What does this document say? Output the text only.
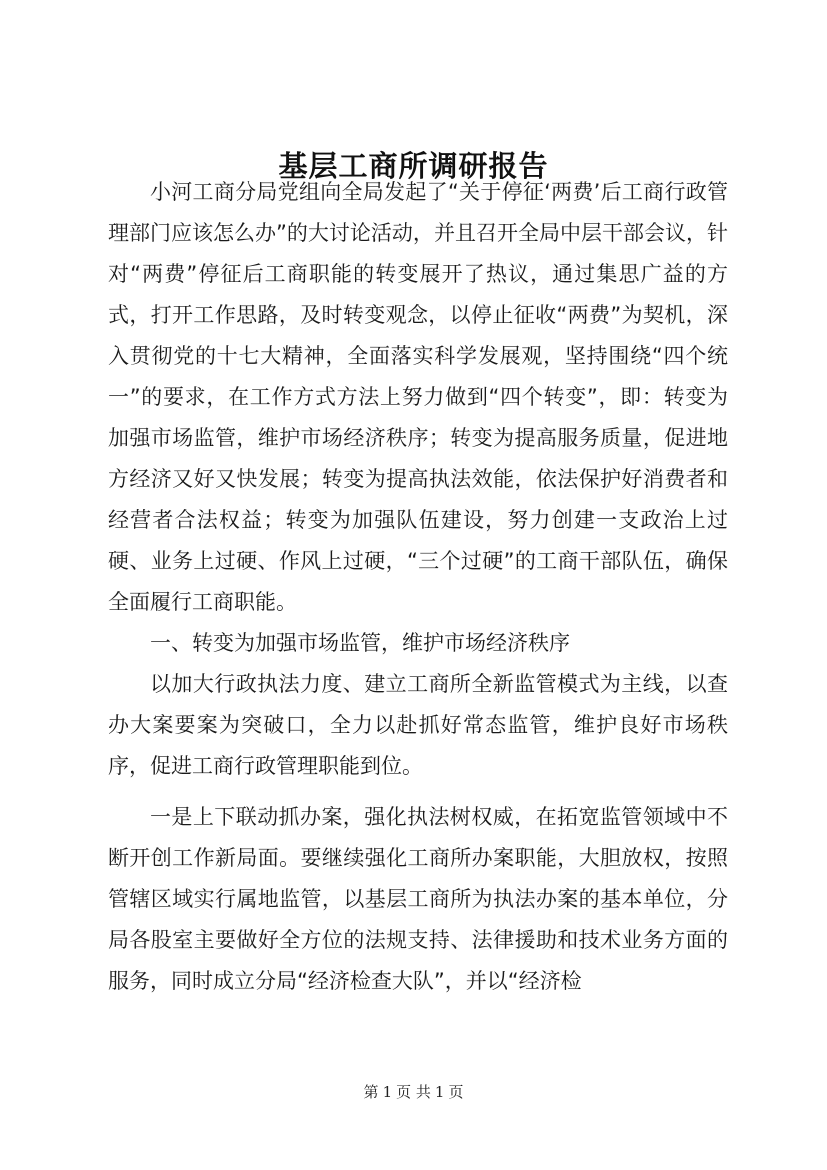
基层工商所调研报告

小河工商分局党组向全局发起了“关于停征‘两费’后工商行政管理部门应该怎么办”的大讨论活动，并且召开全局中层干部会议，针对“两费”停征后工商职能的转变展开了热议，通过集思广益的方式，打开工作思路，及时转变观念，以停止征收“两费”为契机，深入贯彻党的十七大精神，全面落实科学发展观，坚持围绕“四个统一”的要求，在工作方式方法上努力做到“四个转变”，即：转变为加强市场监管，维护市场经济秩序；转变为提高服务质量，促进地方经济又好又快发展；转变为提高执法效能，依法保护好消费者和经营者合法权益；转变为加强队伍建设，努力创建一支政治上过硬、业务上过硬、作风上过硬，“三个过硬”的工商干部队伍，确保全面履行工商职能。

一、转变为加强市场监管，维护市场经济秩序

以加大行政执法力度、建立工商所全新监管模式为主线，以查办大案要案为突破口，全力以赴抓好常态监管，维护良好市场秩序，促进工商行政管理职能到位。

一是上下联动抓办案，强化执法树权威，在拓宽监管领域中不断开创工作新局面。要继续强化工商所办案职能，大胆放权，按照管辖区域实行属地监管，以基层工商所为执法办案的基本单位，分局各股室主要做好全方位的法规支持、法律援助和技术业务方面的服务，同时成立分局“经济检查大队”，并以“经济检

第 1 页 共 1 页
